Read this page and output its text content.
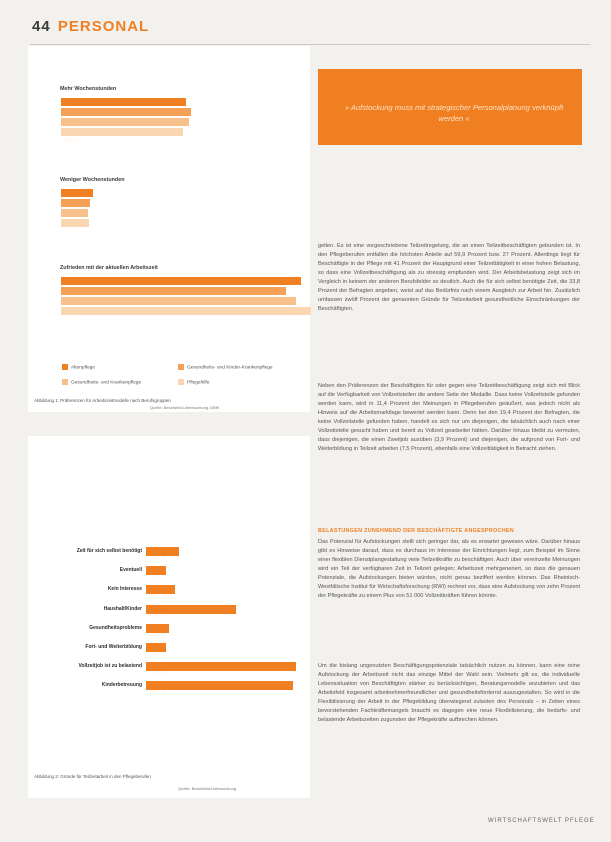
44 PERSONAL
Mehr Wochenstunden
28,0 %
Weniger Wochenstunden
9,9 %
Zufrieden mit der aktuellen Arbeitszeit
61,1 %
Altenpflege	Gesundheits- und Kinder-Krankenpflege
Gesundheits- und Krankenpflege	Pflegehilfe
Abbildung 1: Präferenzen für Arbeitszeitmodelle nach Berufsgruppen
Quelle: Berufsfeld-Untersuchung, DBfK
Zeit für sich selbst benötigt
22,1 %
Eventuell
9,2 %
Kein Interesse
18,9 %
Haushalt/Kinder
60,3 %
Gesundheitsprobleme
14,9 %
Fort- und Weiterbildung
12,3 %
Vollzeitjob ist zu belastend
100 %
Kinderbetreuung
98,1 %
Abbildung 2: Gründe für Teilzeitarbeit in den Pflegeberufen
Quelle: Berufsfeld-Untersuchung
» Aufstockung muss mit strategischer Personalplanung verknüpft werden «
gelten. Es ist eine vorgeschriebene Teilzeitregelung, die an einen Teilzeitbeschäftigten gebunden ist. In den Pflegeberufen entfallen die höchsten Anteile auf 59,9 Prozent bzw. 27 Prozent. Allerdings liegt für Beschäftigte in der Pflege mit 41 Prozent der Hauptgrund einer Teilzeittätigkeit in einer hohen Belastung, so dass eine Vollzeitbeschäftigung als zu stressig empfunden wird. Der Arbeitsbelastung zeigt sich im Vergleich in keinem der anderen Berufsfelder so deutlich. Auch die für sich selbst benötigte Zeit, die 33,8 Prozent der Befragten angeben, weist auf das Bedürfnis nach einem Ausgleich zur Arbeit hin. Zusätzlich umfassen zwölf Prozent der genannten Gründe für Teilzeitarbeit gesundheitliche Einschränkungen der Beschäftigten.
Neben den Präferenzen der Beschäftigten für oder gegen eine Teilzeitbeschäftigung zeigt sich mit Blick auf die Verfügbarkeit von Vollzeitstellen die andere Seite der Medaille. Dass keine Vollzeitstelle gefunden werden kann, wird in 11,4 Prozent der Meinungen in Pflegeberufen geäußert, was jedoch nicht als Hinweis auf die Arbeitsmarktlage bewertet werden kann. Denn bei den 19,4 Prozent der Befragten, die keine Vollzeitstelle gefunden haben, handelt es sich nur um diejenigen, die tatsächlich auch nach einer Vollzeitstelle gesucht haben und bereit zu Vollzeit gearbeitet hätten. Darüber hinaus bleibt zu vermuten, dass diejenigen, die einen Zweitjob ausüben (3,9 Prozent) und diejenigen, die aufgrund von Fort- und Weiterbildung in Teilzeit arbeiten (7,5 Prozent), ebenfalls eine Vollzeittätigkeit in Betracht ziehen.
BELASTUNGEN ZUNEHMEND DER BESCHÄFTIGTE ANGESPROCHEN
Das Potenzial für Aufstockungen stellt sich geringer dar, als es erwartet gewesen wäre. Darüber hinaus gibt es Hinweise darauf, dass es durchaus im Interesse der Einrichtungen liegt, zum Beispiel im Sinne einer flexiblen Dienstplangestaltung viele Teilzeitkräfte zu beschäftigen. Auch über vereinzelte Meinungen wird ein Teil der verfügbaren Zeit in Teilzeit gelegen; Arbeitszeit mehrgeneriert, so dass die genauen Potenziale, die Aufstockungen bieten würden, nicht genau beziffert werden können. Das Rheinisch-Westfälische Institut für Wirtschaftsforschung (RWI) rechnet vor, dass eine Aufstockung von zehn Prozent der Pflegekräfte zu einem Plus von 51 000 Vollzeitkräften führen könnte.
Um die bislang ungenutzten Beschäftigungspotenziale tatsächlich nutzen zu können, kann eine reine Aufstockung der Arbeitszeit nicht das einzige Mittel der Wahl sein. Vielmehr gilt es, die individuelle Lebenssituation von Beschäftigten stärker zu berücksichtigen, Beratungsmodelle anzubieten und das Arbeitsfeld insgesamt arbeitnehmerfreundlicher und gesundheitsfördernd auszugestalten. So wird in die Flexibilisierung der Arbeit in der Pflegebildung überwiegend zulasten des Personals – in Zeiten eines bevorstehenden Fachkräftemangels braucht es dagegen eine neue Flexibilisierung, die bedarfs- und belastende Arbeitszeiten zugunsten der Pflegekräfte aufbrechen können.
WIRTSCHAFTSWELT PFLEGE
